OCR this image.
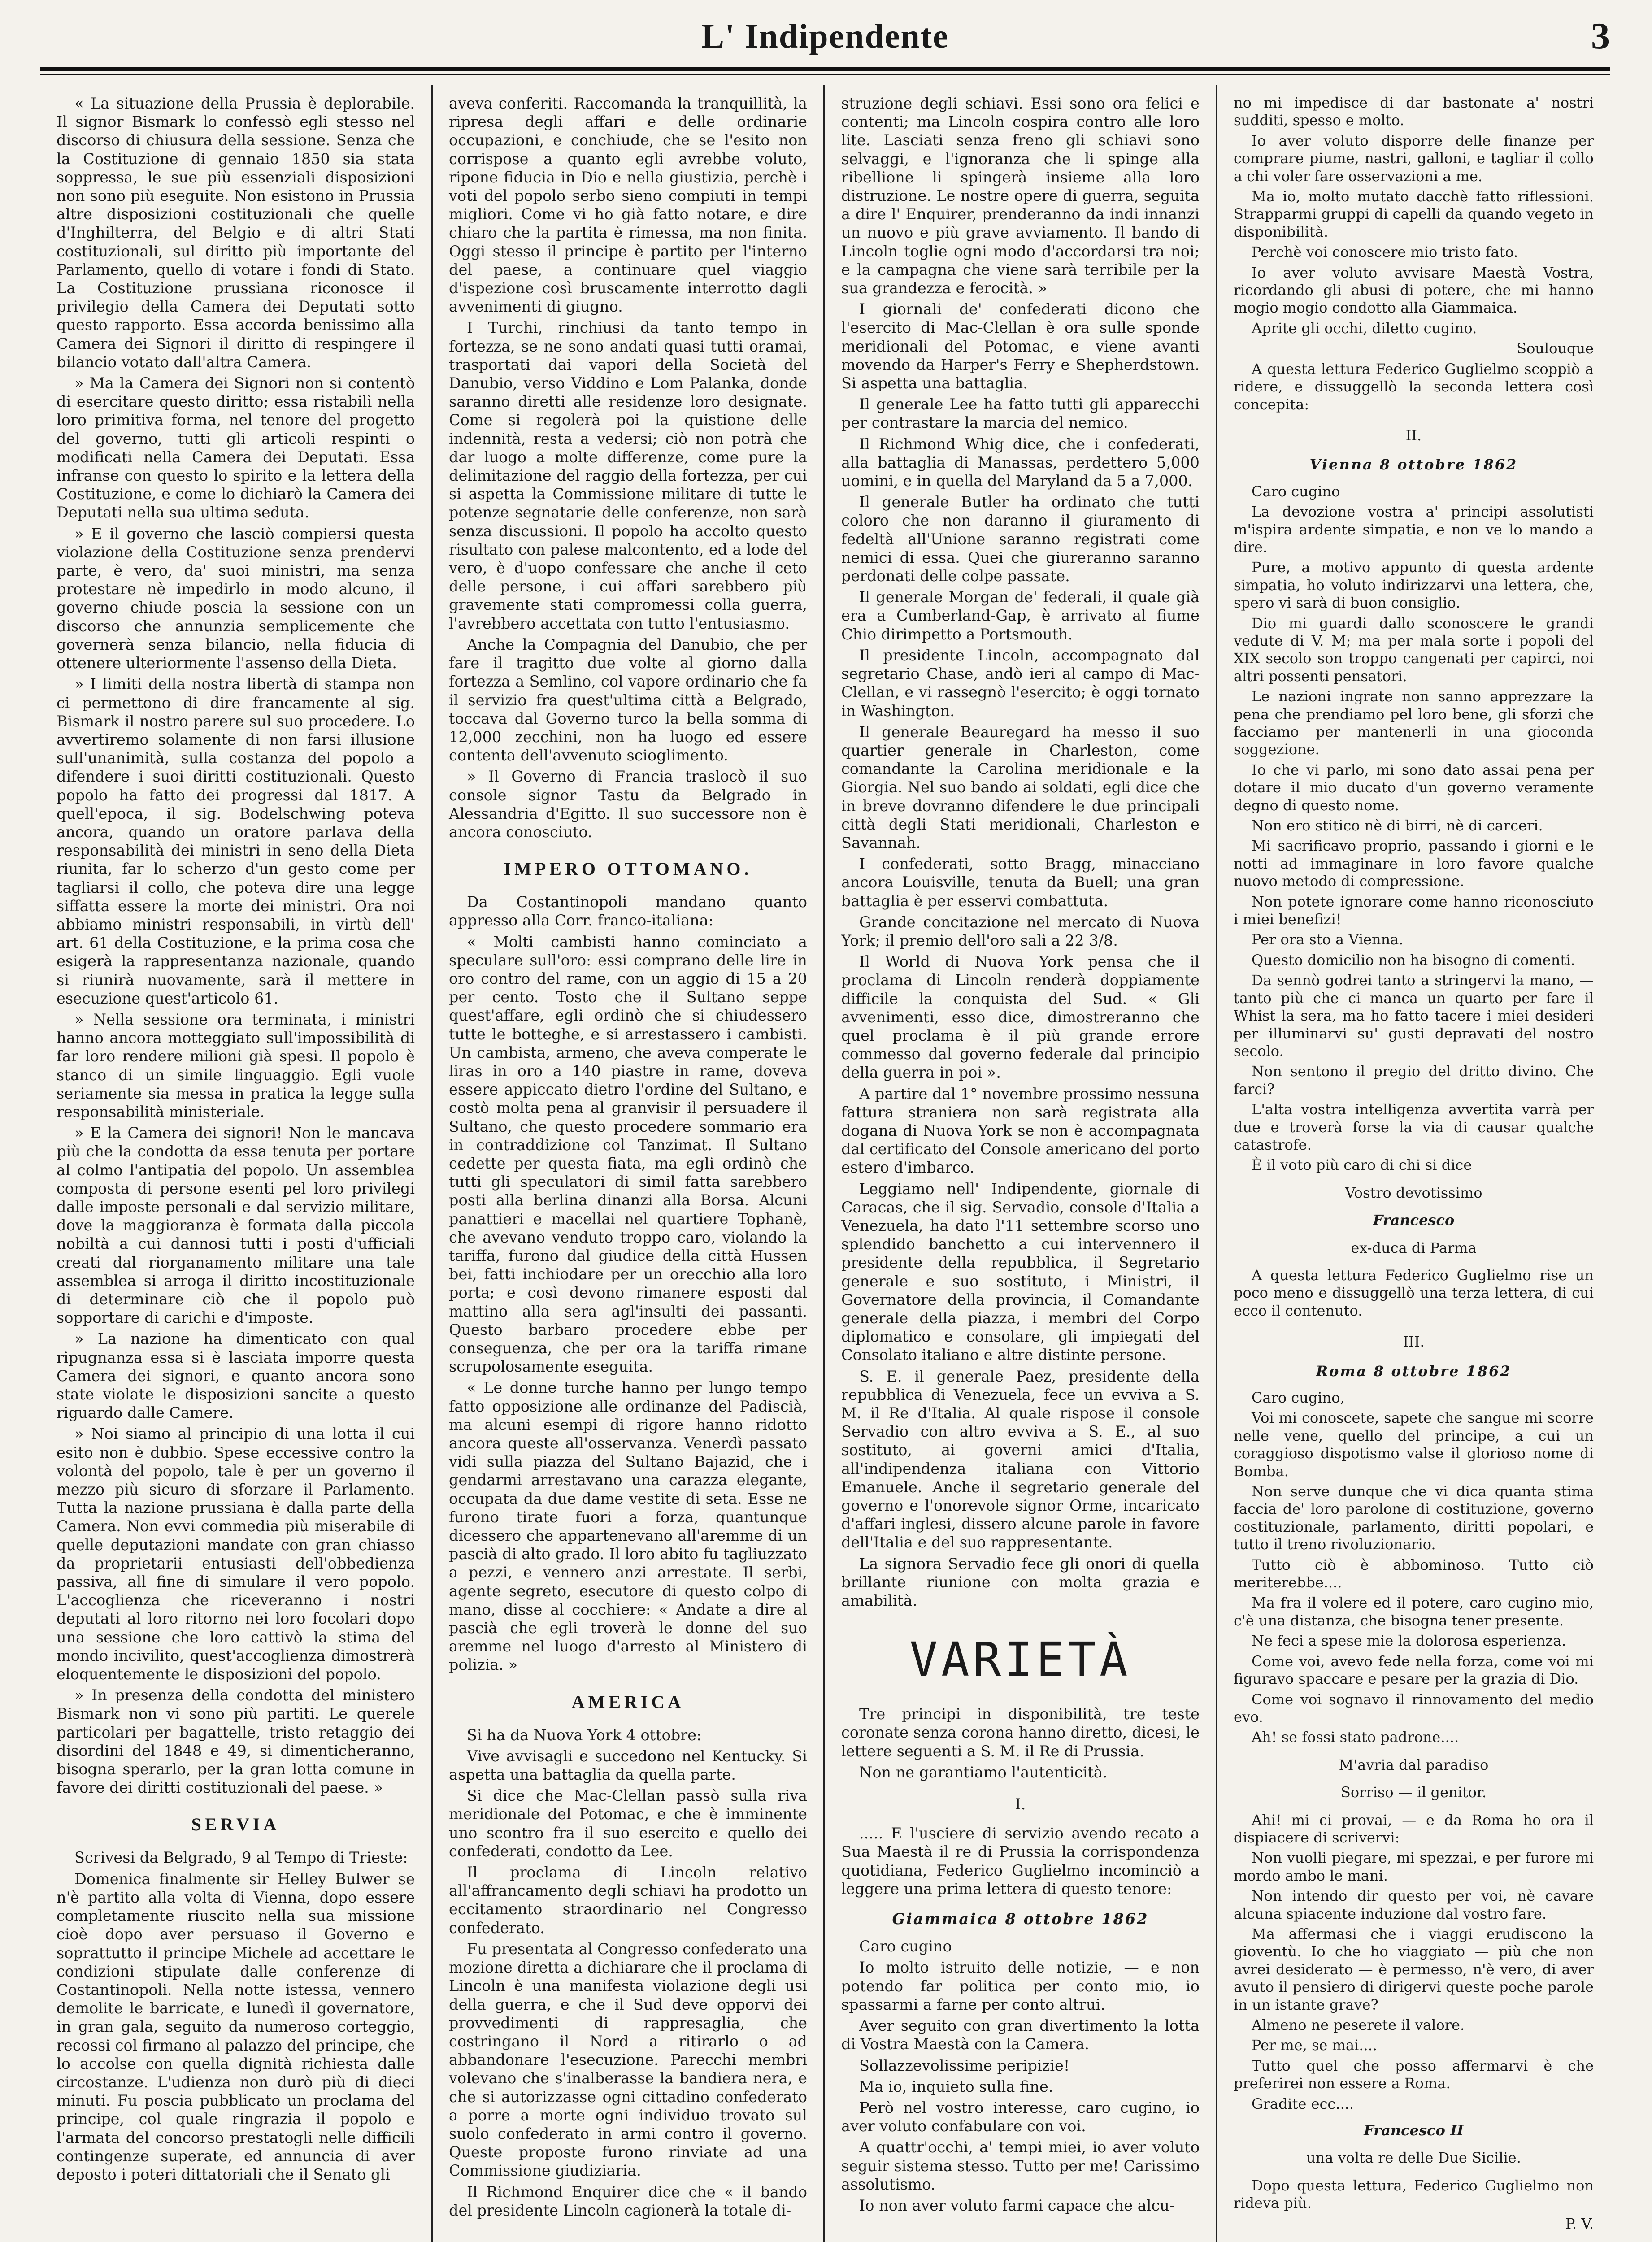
L' Indipendente	3

« La situazione della Prussia è deplorabile. Il signor Bismark lo confessò egli stesso nel discorso di chiusura della sessione. Senza che la Costituzione di gennaio 1850 sia stata soppressa, le sue più essenziali disposizioni non sono più eseguite. Non esistono in Prussia altre disposizioni costituzionali che quelle d'Inghilterra, del Belgio e di altri Stati costituzionali, sul diritto più importante del Parlamento, quello di votare i fondi di Stato. La Costituzione prussiana riconosce il privilegio della Camera dei Deputati sotto questo rapporto. Essa accorda benissimo alla Camera dei Signori il diritto di respingere il bilancio votato dall'altra Camera.

» Ma la Camera dei Signori non si contentò di esercitare questo diritto; essa ristabilì nella loro primitiva forma, nel tenore del progetto del governo, tutti gli articoli respinti o modificati nella Camera dei Deputati. Essa infranse con questo lo spirito e la lettera della Costituzione, e come lo dichiarò la Camera dei Deputati nella sua ultima seduta.

» E il governo che lasciò compiersi questa violazione della Costituzione senza prendervi parte, è vero, da' suoi ministri, ma senza protestare nè impedirlo in modo alcuno, il governo chiude poscia la sessione con un discorso che annunzia semplicemente che governerà senza bilancio, nella fiducia di ottenere ulteriormente l'assenso della Dieta.

» I limiti della nostra libertà di stampa non ci permettono di dire francamente al sig. Bismark il nostro parere sul suo procedere. Lo avvertiremo solamente di non farsi illusione sull'unanimità, sulla costanza del popolo a difendere i suoi diritti costituzionali. Questo popolo ha fatto dei progressi dal 1817. A quell'epoca, il sig. Bodelschwing poteva ancora, quando un oratore parlava della responsabilità dei ministri in seno della Dieta riunita, far lo scherzo d'un gesto come per tagliarsi il collo, che poteva dire una legge siffatta essere la morte dei ministri. Ora noi abbiamo ministri responsabili, in virtù dell' art. 61 della Costituzione, e la prima cosa che esigerà la rappresentanza nazionale, quando si riunirà nuovamente, sarà il mettere in esecuzione quest'articolo 61.

» Nella sessione ora terminata, i ministri hanno ancora motteggiato sull'impossibilità di far loro rendere milioni già spesi. Il popolo è stanco di un simile linguaggio. Egli vuole seriamente sia messa in pratica la legge sulla responsabilità ministeriale.

» E la Camera dei signori! Non le mancava più che la condotta da essa tenuta per portare al colmo l'antipatia del popolo. Un assemblea composta di persone esenti pel loro privilegi dalle imposte personali e dal servizio militare, dove la maggioranza è formata dalla piccola nobiltà a cui dannosi tutti i posti d'ufficiali creati dal riorganamento militare una tale assemblea si arroga il diritto incostituzionale di determinare ciò che il popolo può sopportare di carichi e d'imposte.

» La nazione ha dimenticato con qual ripugnanza essa si è lasciata imporre questa Camera dei signori, e quanto ancora sono state violate le disposizioni sancite a questo riguardo dalle Camere.

» Noi siamo al principio di una lotta il cui esito non è dubbio. Spese eccessive contro la volontà del popolo, tale è per un governo il mezzo più sicuro di sforzare il Parlamento. Tutta la nazione prussiana è dalla parte della Camera. Non evvi commedia più miserabile di quelle deputazioni mandate con gran chiasso da proprietarii entusiasti dell'obbedienza passiva, all fine di simulare il vero popolo. L'accoglienza che riceveranno i nostri deputati al loro ritorno nei loro focolari dopo una sessione che loro cattivò la stima del mondo incivilito, quest'accoglienza dimostrerà eloquentemente le disposizioni del popolo.

» In presenza della condotta del ministero Bismark non vi sono più partiti. Le querele particolari per bagattelle, tristo retaggio dei disordini del 1848 e 49, si dimenticheranno, bisogna sperarlo, per la gran lotta comune in favore dei diritti costituzionali del paese. »

SERVIA

Scrivesi da Belgrado, 9 al Tempo di Trieste:

Domenica finalmente sir Helley Bulwer se n'è partito alla volta di Vienna, dopo essere completamente riuscito nella sua missione cioè dopo aver persuaso il Governo e soprattutto il principe Michele ad accettare le condizioni stipulate dalle conferenze di Costantinopoli. Nella notte istessa, vennero demolite le barricate, e lunedì il governatore, in gran gala, seguito da numeroso corteggio, recossi col firmano al palazzo del principe, che lo accolse con quella dignità richiesta dalle circostanze. L'udienza non durò più di dieci minuti. Fu poscia pubblicato un proclama del principe, col quale ringrazia il popolo e l'armata del concorso prestatogli nelle difficili contingenze superate, ed annuncia di aver deposto i poteri dittatoriali che il Senato gli

aveva conferiti. Raccomanda la tranquillità, la ripresa degli affari e delle ordinarie occupazioni, e conchiude, che se l'esito non corrispose a quanto egli avrebbe voluto, ripone fiducia in Dio e nella giustizia, perchè i voti del popolo serbo sieno compiuti in tempi migliori. Come vi ho già fatto notare, e dire chiaro che la partita è rimessa, ma non finita. Oggi stesso il principe è partito per l'interno del paese, a continuare quel viaggio d'ispezione così bruscamente interrotto dagli avvenimenti di giugno.

I Turchi, rinchiusi da tanto tempo in fortezza, se ne sono andati quasi tutti oramai, trasportati dai vapori della Società del Danubio, verso Viddino e Lom Palanka, donde saranno diretti alle residenze loro designate. Come si regolerà poi la quistione delle indennità, resta a vedersi; ciò non potrà che dar luogo a molte differenze, come pure la delimitazione del raggio della fortezza, per cui si aspetta la Commissione militare di tutte le potenze segnatarie delle conferenze, non sarà senza discussioni. Il popolo ha accolto questo risultato con palese malcontento, ed a lode del vero, è d'uopo confessare che anche il ceto delle persone, i cui affari sarebbero più gravemente stati compromessi colla guerra, l'avrebbero accettata con tutto l'entusiasmo.

Anche la Compagnia del Danubio, che per fare il tragitto due volte al giorno dalla fortezza a Semlino, col vapore ordinario che fa il servizio fra quest'ultima città a Belgrado, toccava dal Governo turco la bella somma di 12,000 zecchini, non ha luogo ed essere contenta dell'avvenuto scioglimento.

» Il Governo di Francia traslocò il suo console signor Tastu da Belgrado in Alessandria d'Egitto. Il suo successore non è ancora conosciuto.

IMPERO OTTOMANO.

Da Costantinopoli mandano quanto appresso alla Corr. franco-italiana:

« Molti cambisti hanno cominciato a speculare sull'oro: essi comprano delle lire in oro contro del rame, con un aggio di 15 a 20 per cento. Tosto che il Sultano seppe quest'affare, egli ordinò che si chiudessero tutte le botteghe, e si arrestassero i cambisti. Un cambista, armeno, che aveva comperate le liras in oro a 140 piastre in rame, doveva essere appiccato dietro l'ordine del Sultano, e costò molta pena al granvisir il persuadere il Sultano, che questo procedere sommario era in contraddizione col Tanzimat. Il Sultano cedette per questa fiata, ma egli ordinò che tutti gli speculatori di simil fatta sarebbero posti alla berlina dinanzi alla Borsa. Alcuni panattieri e macellai nel quartiere Tophanè, che avevano venduto troppo caro, violando la tariffa, furono dal giudice della città Hussen bei, fatti inchiodare per un orecchio alla loro porta; e così devono rimanere esposti dal mattino alla sera agl'insulti dei passanti. Questo barbaro procedere ebbe per conseguenza, che per ora la tariffa rimane scrupolosamente eseguita.

« Le donne turche hanno per lungo tempo fatto opposizione alle ordinanze del Padiscià, ma alcuni esempi di rigore hanno ridotto ancora queste all'osservanza. Venerdì passato vidi sulla piazza del Sultano Bajazid, che i gendarmi arrestavano una carazza elegante, occupata da due dame vestite di seta. Esse ne furono tirate fuori a forza, quantunque dicessero che appartenevano all'aremme di un pascià di alto grado. Il loro abito fu tagliuzzato a pezzi, e vennero anzi arrestate. Il serbi, agente segreto, esecutore di questo colpo di mano, disse al cocchiere: « Andate a dire al pascià che egli troverà le donne del suo aremme nel luogo d'arresto al Ministero di polizia. »

AMERICA

Si ha da Nuova York 4 ottobre:

Vive avvisagli e succedono nel Kentucky. Si aspetta una battaglia da quella parte.

Si dice che Mac-Clellan passò sulla riva meridionale del Potomac, e che è imminente uno scontro fra il suo esercito e quello dei confederati, condotto da Lee.

Il proclama di Lincoln relativo all'affrancamento degli schiavi ha prodotto un eccitamento straordinario nel Congresso confederato.

Fu presentata al Congresso confederato una mozione diretta a dichiarare che il proclama di Lincoln è una manifesta violazione degli usi della guerra, e che il Sud deve opporvi dei provvedimenti di rappresaglia, che costringano il Nord a ritirarlo o ad abbandonare l'esecuzione. Parecchi membri volevano che s'inalberasse la bandiera nera, e che si autorizzasse ogni cittadino confederato a porre a morte ogni individuo trovato sul suolo confederato in armi contro il governo. Queste proposte furono rinviate ad una Commissione giudiziaria.

Il Richmond Enquirer dice che « il bando del presidente Lincoln cagionerà la totale di-

struzione degli schiavi. Essi sono ora felici e contenti; ma Lincoln cospira contro alle loro lite. Lasciati senza freno gli schiavi sono selvaggi, e l'ignoranza che li spinge alla ribellione li spingerà insieme alla loro distruzione. Le nostre opere di guerra, seguita a dire l' Enquirer, prenderanno da indi innanzi un nuovo e più grave avviamento. Il bando di Lincoln toglie ogni modo d'accordarsi tra noi; e la campagna che viene sarà terribile per la sua grandezza e ferocità. »

I giornali de' confederati dicono che l'esercito di Mac-Clellan è ora sulle sponde meridionali del Potomac, e viene avanti movendo da Harper's Ferry e Shepherdstown. Si aspetta una battaglia.

Il generale Lee ha fatto tutti gli apparecchi per contrastare la marcia del nemico.

Il Richmond Whig dice, che i confederati, alla battaglia di Manassas, perdettero 5,000 uomini, e in quella del Maryland da 5 a 7,000.

Il generale Butler ha ordinato che tutti coloro che non daranno il giuramento di fedeltà all'Unione saranno registrati come nemici di essa. Quei che giureranno saranno perdonati delle colpe passate.

Il generale Morgan de' federali, il quale già era a Cumberland-Gap, è arrivato al fiume Chio dirimpetto a Portsmouth.

Il presidente Lincoln, accompagnato dal segretario Chase, andò ieri al campo di Mac-Clellan, e vi rassegnò l'esercito; è oggi tornato in Washington.

Il generale Beauregard ha messo il suo quartier generale in Charleston, come comandante la Carolina meridionale e la Giorgia. Nel suo bando ai soldati, egli dice che in breve dovranno difendere le due principali città degli Stati meridionali, Charleston e Savannah.

I confederati, sotto Bragg, minacciano ancora Louisville, tenuta da Buell; una gran battaglia è per esservi combattuta.

Grande concitazione nel mercato di Nuova York; il premio dell'oro salì a 22 3/8.

Il World di Nuova York pensa che il proclama di Lincoln renderà doppiamente difficile la conquista del Sud. « Gli avvenimenti, esso dice, dimostreranno che quel proclama è il più grande errore commesso dal governo federale dal principio della guerra in poi ».

A partire dal 1° novembre prossimo nessuna fattura straniera non sarà registrata alla dogana di Nuova York se non è accompagnata dal certificato del Console americano del porto estero d'imbarco.

Leggiamo nell' Indipendente, giornale di Caracas, che il sig. Servadio, console d'Italia a Venezuela, ha dato l'11 settembre scorso uno splendido banchetto a cui intervennero il presidente della repubblica, il Segretario generale e suo sostituto, i Ministri, il Governatore della provincia, il Comandante generale della piazza, i membri del Corpo diplomatico e consolare, gli impiegati del Consolato italiano e altre distinte persone.

S. E. il generale Paez, presidente della repubblica di Venezuela, fece un evviva a S. M. il Re d'Italia. Al quale rispose il console Servadio con altro evviva a S. E., al suo sostituto, ai governi amici d'Italia, all'indipendenza italiana con Vittorio Emanuele. Anche il segretario generale del governo e l'onorevole signor Orme, incaricato d'affari inglesi, dissero alcune parole in favore dell'Italia e del suo rappresentante.

La signora Servadio fece gli onori di quella brillante riunione con molta grazia e amabilità.

VARIETÀ

Tre principi in disponibilità, tre teste coronate senza corona hanno diretto, dicesi, le lettere seguenti a S. M. il Re di Prussia.

Non ne garantiamo l'autenticità.

I.

..... E l'usciere di servizio avendo recato a Sua Maestà il re di Prussia la corrispondenza quotidiana, Federico Guglielmo incominciò a leggere una prima lettera di questo tenore:

Giammaica 8 ottobre 1862

Caro cugino

Io molto istruito delle notizie, — e non potendo far politica per conto mio, io spassarmi a farne per conto altrui.

Aver seguito con gran divertimento la lotta di Vostra Maestà con la Camera.

Sollazzevolissime peripizie!

Ma io, inquieto sulla fine.

Però nel vostro interesse, caro cugino, io aver voluto confabulare con voi.

A quattr'occhi, a' tempi miei, io aver voluto seguir sistema stesso. Tutto per me! Carissimo assolutismo.

Io non aver voluto farmi capace che alcu-

no mi impedisce di dar bastonate a' nostri sudditi, spesso e molto.

Io aver voluto disporre delle finanze per comprare piume, nastri, galloni, e tagliar il collo a chi voler fare osservazioni a me.

Ma io, molto mutato dacchè fatto riflessioni. Strapparmi gruppi di capelli da quando vegeto in disponibilità.

Perchè voi conoscere mio tristo fato.

Io aver voluto avvisare Maestà Vostra, ricordando gli abusi di potere, che mi hanno mogio mogio condotto alla Giammaica.

Aprite gli occhi, diletto cugino.

Soulouque

A questa lettura Federico Guglielmo scoppiò a ridere, e dissuggellò la seconda lettera così concepita:

II.

Vienna 8 ottobre 1862

Caro cugino

La devozione vostra a' principi assolutisti m'ispira ardente simpatia, e non ve lo mando a dire.

Pure, a motivo appunto di questa ardente simpatia, ho voluto indirizzarvi una lettera, che, spero vi sarà di buon consiglio.

Dio mi guardi dallo sconoscere le grandi vedute di V. M; ma per mala sorte i popoli del XIX secolo son troppo cangenati per capirci, noi altri possenti pensatori.

Le nazioni ingrate non sanno apprezzare la pena che prendiamo pel loro bene, gli sforzi che facciamo per mantenerli in una gioconda soggezione.

Io che vi parlo, mi sono dato assai pena per dotare il mio ducato d'un governo veramente degno di questo nome.

Non ero stitico nè di birri, nè di carceri.

Mi sacrificavo proprio, passando i giorni e le notti ad immaginare in loro favore qualche nuovo metodo di compressione.

Non potete ignorare come hanno riconosciuto i miei benefizi!

Per ora sto a Vienna.

Questo domicilio non ha bisogno di comenti.

Da sennò godrei tanto a stringervi la mano, — tanto più che ci manca un quarto per fare il Whist la sera, ma ho fatto tacere i miei desideri per illuminarvi su' gusti depravati del nostro secolo.

Non sentono il pregio del dritto divino. Che farci?

L'alta vostra intelligenza avvertita varrà per due e troverà forse la via di causar qualche catastrofe.

È il voto più caro di chi si dice

Vostro devotissimo

Francesco

ex-duca di Parma

A questa lettura Federico Guglielmo rise un poco meno e dissuggellò una terza lettera, di cui ecco il contenuto.

III.

Roma 8 ottobre 1862

Caro cugino,

Voi mi conoscete, sapete che sangue mi scorre nelle vene, quello del principe, a cui un coraggioso dispotismo valse il glorioso nome di Bomba.

Non serve dunque che vi dica quanta stima faccia de' loro parolone di costituzione, governo costituzionale, parlamento, diritti popolari, e tutto il treno rivoluzionario.

Tutto ciò è abbominoso. Tutto ciò meriterebbe....

Ma fra il volere ed il potere, caro cugino mio, c'è una distanza, che bisogna tener presente.

Ne feci a spese mie la dolorosa esperienza.

Come voi, avevo fede nella forza, come voi mi figuravo spaccare e pesare per la grazia di Dio.

Come voi sognavo il rinnovamento del medio evo.

Ah! se fossi stato padrone....

M'avria dal paradiso

Sorriso — il genitor.

Ahi! mi ci provai, — e da Roma ho ora il dispiacere di scrivervi:

Non vuolli piegare, mi spezzai, e per furore mi mordo ambo le mani.

Non intendo dir questo per voi, nè cavare alcuna spiacente induzione dal vostro fare.

Ma affermasi che i viaggi erudiscono la gioventù. Io che ho viaggiato — più che non avrei desiderato — è permesso, n'è vero, di aver avuto il pensiero di dirigervi queste poche parole in un istante grave?

Almeno ne peserete il valore.

Per me, se mai....

Tutto quel che posso affermarvi è che preferirei non essere a Roma.

Gradite ecc....

Francesco II

una volta re delle Due Sicilie.

Dopo questa lettura, Federico Guglielmo non rideva più.

P. V.
